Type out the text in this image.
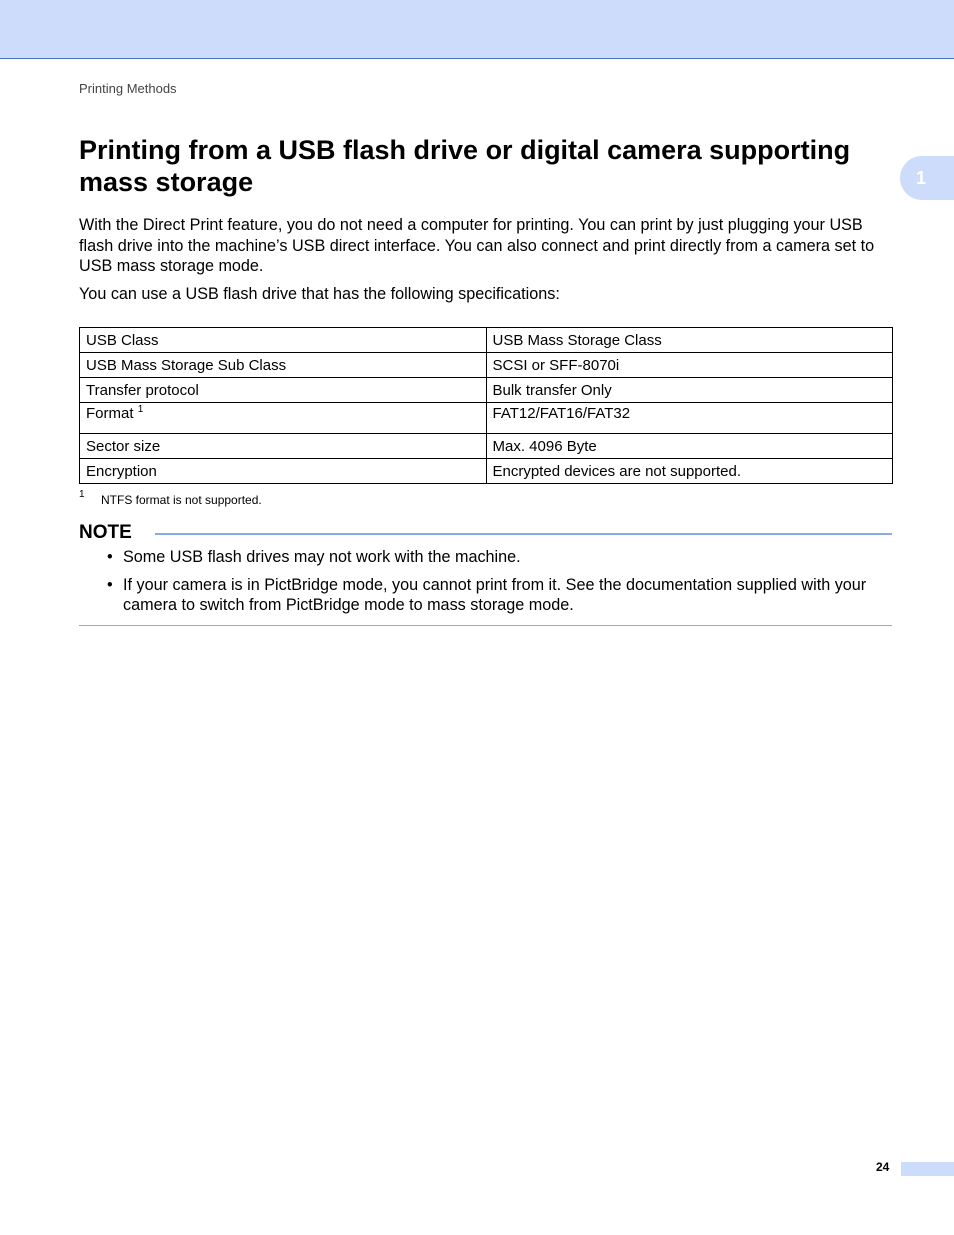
Printing Methods
1
Printing from a USB flash drive or digital camera supporting mass storage

With the Direct Print feature, you do not need a computer for printing. You can print by just plugging your USB flash drive into the machine’s USB direct interface. You can also connect and print directly from a camera set to USB mass storage mode.

You can use a USB flash drive that has the following specifications:

USB Class	USB Mass Storage Class
USB Mass Storage Sub Class	SCSI or SFF-8070i
Transfer protocol	Bulk transfer Only
Format $^1$	FAT12/FAT16/FAT32
Sector size	Max. 4096 Byte
Encryption	Encrypted devices are not supported.
1 NTFS format is not supported.
NOTE
• Some USB flash drives may not work with the machine.
• If your camera is in PictBridge mode, you cannot print from it. See the documentation supplied with your camera to switch from PictBridge mode to mass storage mode.
24
